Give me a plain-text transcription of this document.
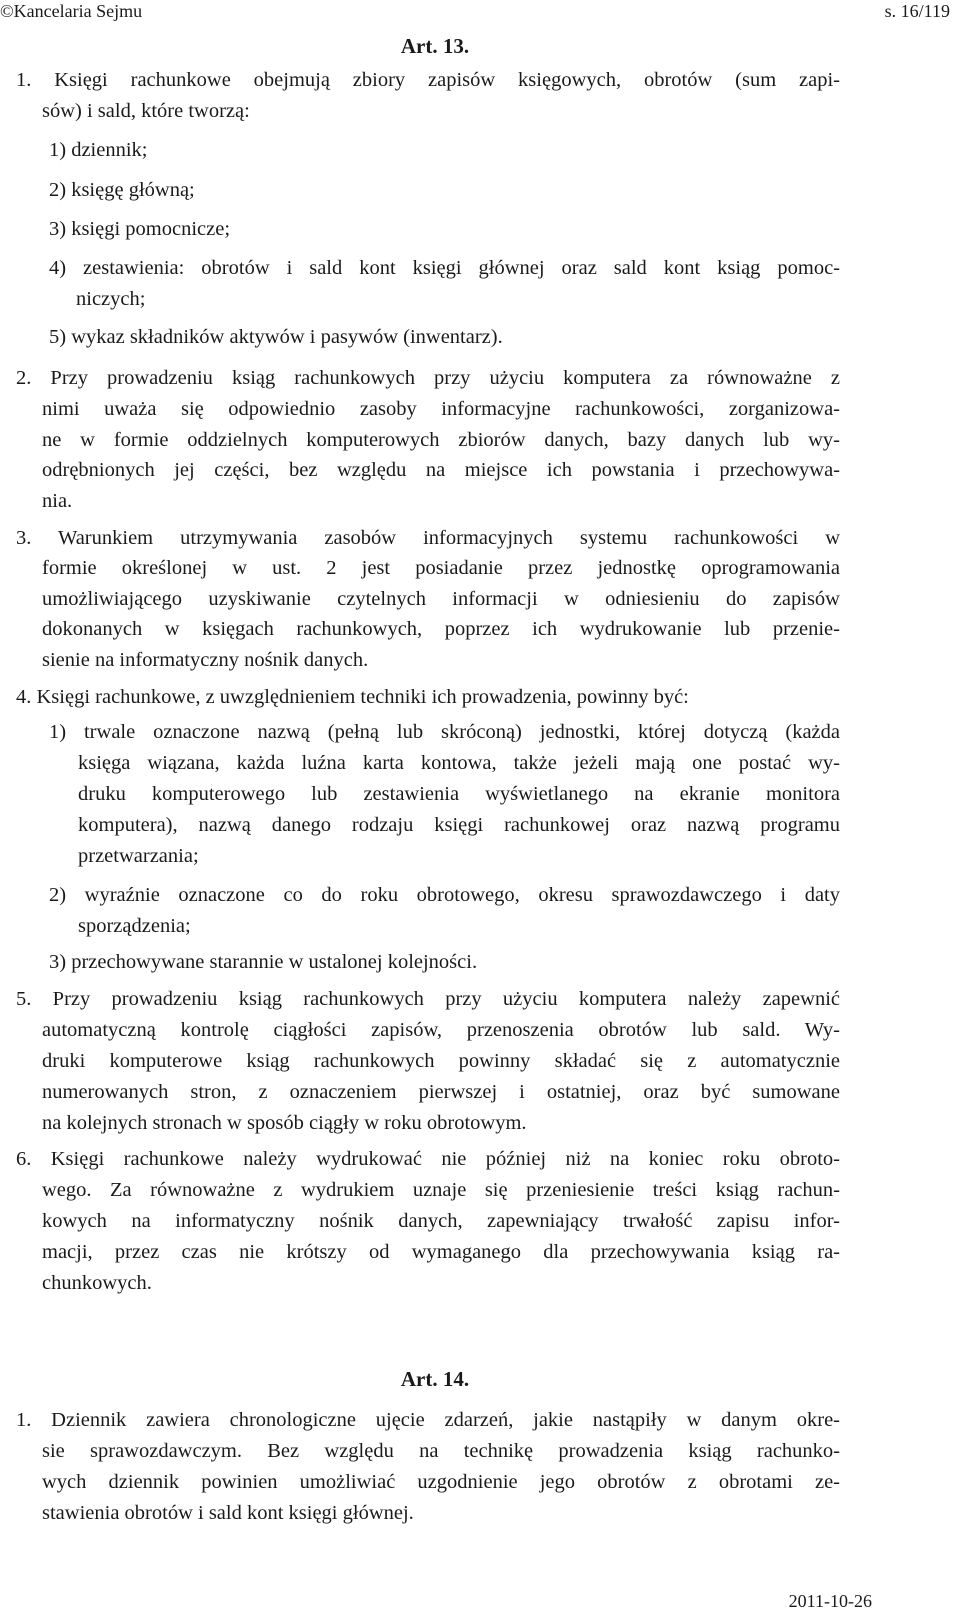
©Kancelaria Sejmu	s. 16/119
Art. 13.
1. Księgi rachunkowe obejmują zbiory zapisów księgowych, obrotów (sum zapi-
sów) i sald, które tworzą:
1) dziennik;
2) księgę główną;
3) księgi pomocnicze;
4) zestawienia: obrotów i sald kont księgi głównej oraz sald kont ksiąg pomoc-
niczych;
5) wykaz składników aktywów i pasywów (inwentarz).
2. Przy prowadzeniu ksiąg rachunkowych przy użyciu komputera za równoważne z
nimi uważa się odpowiednio zasoby informacyjne rachunkowości, zorganizowa-
ne w formie oddzielnych komputerowych zbiorów danych, bazy danych lub wy-
odrębnionych jej części, bez względu na miejsce ich powstania i przechowywa-
nia.
3. Warunkiem utrzymywania zasobów informacyjnych systemu rachunkowości w
formie określonej w ust. 2 jest posiadanie przez jednostkę oprogramowania
umożliwiającego uzyskiwanie czytelnych informacji w odniesieniu do zapisów
dokonanych w księgach rachunkowych, poprzez ich wydrukowanie lub przenie-
sienie na informatyczny nośnik danych.
4. Księgi rachunkowe, z uwzględnieniem techniki ich prowadzenia, powinny być:
1) trwale oznaczone nazwą (pełną lub skróconą) jednostki, której dotyczą (każda
księga wiązana, każda luźna karta kontowa, także jeżeli mają one postać wy-
druku komputerowego lub zestawienia wyświetlanego na ekranie monitora
komputera), nazwą danego rodzaju księgi rachunkowej oraz nazwą programu
przetwarzania;
2) wyraźnie oznaczone co do roku obrotowego, okresu sprawozdawczego i daty
sporządzenia;
3) przechowywane starannie w ustalonej kolejności.
5. Przy prowadzeniu ksiąg rachunkowych przy użyciu komputera należy zapewnić
automatyczną kontrolę ciągłości zapisów, przenoszenia obrotów lub sald. Wy-
druki komputerowe ksiąg rachunkowych powinny składać się z automatycznie
numerowanych stron, z oznaczeniem pierwszej i ostatniej, oraz być sumowane
na kolejnych stronach w sposób ciągły w roku obrotowym.
6. Księgi rachunkowe należy wydrukować nie później niż na koniec roku obroto-
wego. Za równoważne z wydrukiem uznaje się przeniesienie treści ksiąg rachun-
kowych na informatyczny nośnik danych, zapewniający trwałość zapisu infor-
macji, przez czas nie krótszy od wymaganego dla przechowywania ksiąg ra-
chunkowych.
Art. 14.
1. Dziennik zawiera chronologiczne ujęcie zdarzeń, jakie nastąpiły w danym okre-
sie sprawozdawczym. Bez względu na technikę prowadzenia ksiąg rachunko-
wych dziennik powinien umożliwiać uzgodnienie jego obrotów z obrotami ze-
stawienia obrotów i sald kont księgi głównej.
2011-10-26
